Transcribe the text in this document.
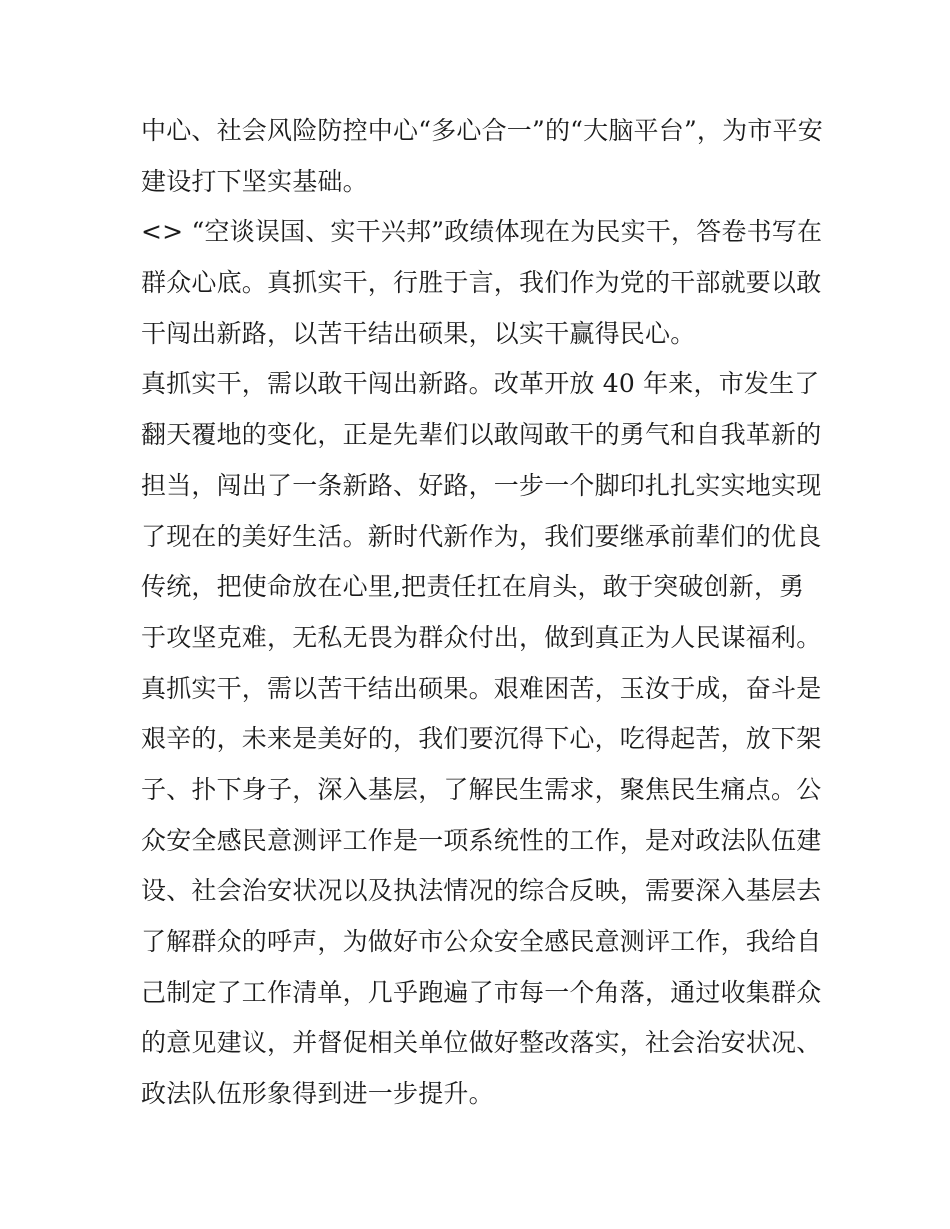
中心、社会风险防控中心“多心合一”的“大脑平台”，为市平安
建设打下坚实基础。
<> “空谈误国、实干兴邦”政绩体现在为民实干，答卷书写在
群众心底。真抓实干，行胜于言，我们作为党的干部就要以敢
干闯出新路，以苦干结出硕果，以实干赢得民心。
真抓实干，需以敢干闯出新路。改革开放 40 年来，市发生了
翻天覆地的变化，正是先辈们以敢闯敢干的勇气和自我革新的
担当，闯出了一条新路、好路，一步一个脚印扎扎实实地实现
了现在的美好生活。新时代新作为，我们要继承前辈们的优良
传统，把使命放在心里,把责任扛在肩头，敢于突破创新，勇
于攻坚克难，无私无畏为群众付出，做到真正为人民谋福利。
真抓实干，需以苦干结出硕果。艰难困苦，玉汝于成，奋斗是
艰辛的，未来是美好的，我们要沉得下心，吃得起苦，放下架
子、扑下身子，深入基层，了解民生需求，聚焦民生痛点。公
众安全感民意测评工作是一项系统性的工作，是对政法队伍建
设、社会治安状况以及执法情况的综合反映，需要深入基层去
了解群众的呼声，为做好市公众安全感民意测评工作，我给自
己制定了工作清单，几乎跑遍了市每一个角落，通过收集群众
的意见建议，并督促相关单位做好整改落实，社会治安状况、
政法队伍形象得到进一步提升。
